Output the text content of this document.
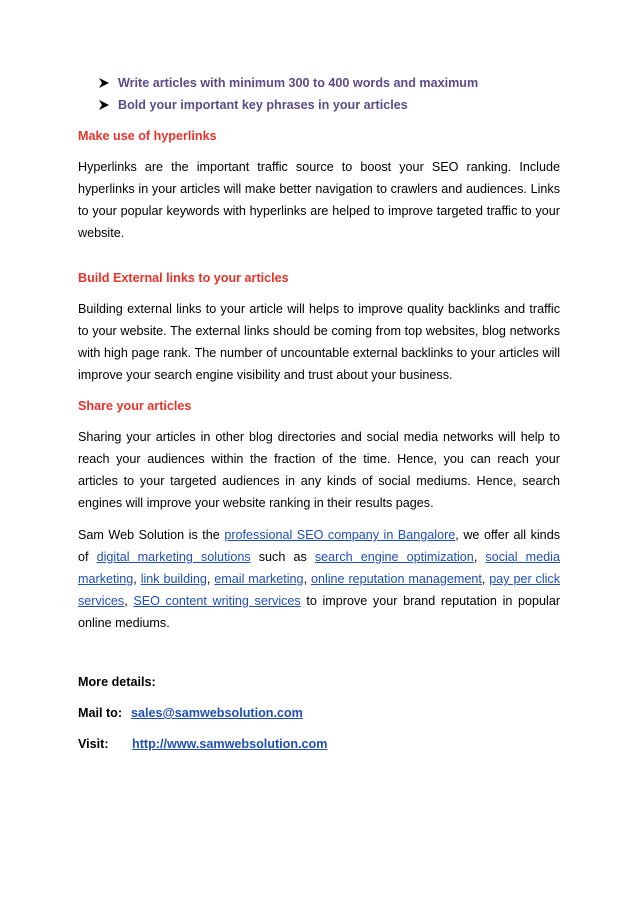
Write articles with minimum 300 to 400 words and maximum
Bold your important key phrases in your articles
Make use of hyperlinks

Hyperlinks are the important traffic source to boost your SEO ranking. Include hyperlinks in your articles will make better navigation to crawlers and audiences. Links to your popular keywords with hyperlinks are helped to improve targeted traffic to your website.

Build External links to your articles

Building external links to your article will helps to improve quality backlinks and traffic to your website. The external links should be coming from top websites, blog networks with high page rank. The number of uncountable external backlinks to your articles will improve your search engine visibility and trust about your business.

Share your articles

Sharing your articles in other blog directories and social media networks will help to reach your audiences within the fraction of the time. Hence, you can reach your articles to your targeted audiences in any kinds of social mediums. Hence, search engines will improve your website ranking in their results pages.

Sam Web Solution is the professional SEO company in Bangalore, we offer all kinds of digital marketing solutions such as search engine optimization, social media marketing, link building, email marketing, online reputation management, pay per click services, SEO content writing services to improve your brand reputation in popular online mediums.

More details:
Mail to: sales@samwebsolution.com
Visit: http://www.samwebsolution.com
